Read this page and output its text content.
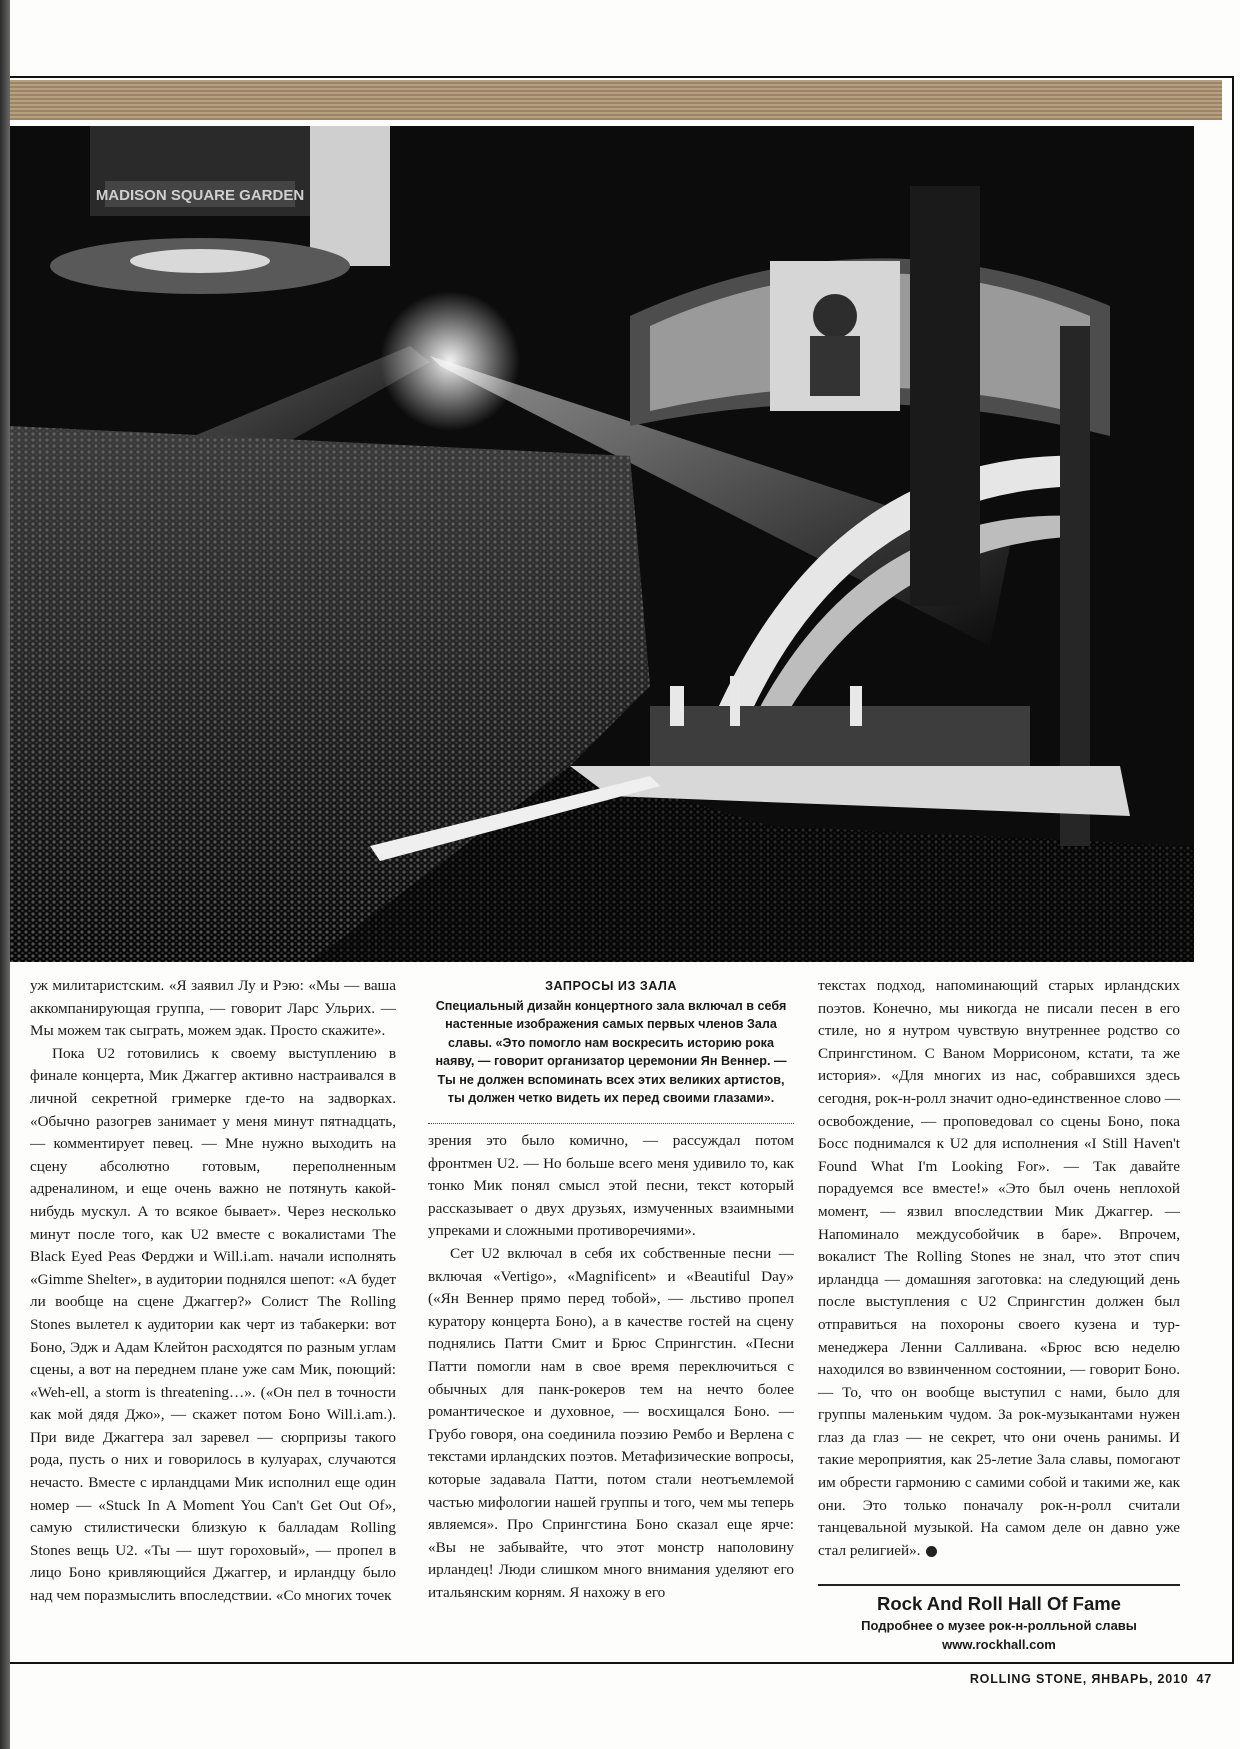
MADISON SQUARE GARDEN

уж милитаристским. «Я заявил Лу и Рэю: «Мы — ваша аккомпанирующая группа, — говорит Ларс Ульрих. — Мы можем так сыграть, можем эдак. Просто скажите».

Пока U2 готовились к своему выступлению в финале концерта, Мик Джаггер активно настраивался в личной секретной гримерке где-то на задворках. «Обычно разогрев занимает у меня минут пятнадцать, — комментирует певец. — Мне нужно выходить на сцену абсолютно готовым, переполненным адреналином, и еще очень важно не потянуть какой-нибудь мускул. А то всякое бывает». Через несколько минут после того, как U2 вместе с вокалистами The Black Eyed Peas Ферджи и Will.i.am. начали исполнять «Gimme Shelter», в аудитории поднялся шепот: «А будет ли вообще на сцене Джаггер?» Солист The Rolling Stones вылетел к аудитории как черт из табакерки: вот Боно, Эдж и Адам Клейтон расходятся по разным углам сцены, а вот на переднем плане уже сам Мик, поющий: «Weh-ell, a storm is threatening…». («Он пел в точности как мой дядя Джо», — скажет потом Боно Will.i.am.). При виде Джаггера зал заревел — сюрпризы такого рода, пусть о них и говорилось в кулуарах, случаются нечасто. Вместе с ирландцами Мик исполнил еще один номер — «Stuck In A Moment You Can't Get Out Of», самую стилистически близкую к балладам Rolling Stones вещь U2. «Ты — шут гороховый», — пропел в лицо Боно кривляющийся Джаггер, и ирландцу было над чем поразмыслить впоследствии. «Со многих точек

ЗАПРОСЫ ИЗ ЗАЛА
Специальный дизайн концертного зала включал в себя настенные изображения самых первых членов Зала славы. «Это помогло нам воскресить историю рока наяву, — говорит организатор церемонии Ян Веннер. — Ты не должен вспоминать всех этих великих артистов, ты должен четко видеть их перед своими глазами».

зрения это было комично, — рассуждал потом фронтмен U2. — Но больше всего меня удивило то, как тонко Мик понял смысл этой песни, текст который рассказывает о двух друзьях, измученных взаимными упреками и сложными противоречиями».

Сет U2 включал в себя их собственные песни — включая «Vertigo», «Magnificent» и «Beautiful Day» («Ян Веннер прямо перед тобой», — льстиво пропел куратору концерта Боно), а в качестве гостей на сцену поднялись Патти Смит и Брюс Спрингстин. «Песни Патти помогли нам в свое время переключиться с обычных для панк-рокеров тем на нечто более романтическое и духовное, — восхищался Боно. — Грубо говоря, она соединила поэзию Рембо и Верлена с текстами ирландских поэтов. Метафизические вопросы, которые задавала Патти, потом стали неотъемлемой частью мифологии нашей группы и того, чем мы теперь являемся». Про Спрингстина Боно сказал еще ярче: «Вы не забывайте, что этот монстр наполовину ирландец! Люди слишком много внимания уделяют его итальянским корням. Я нахожу в его

текстах подход, напоминающий старых ирландских поэтов. Конечно, мы никогда не писали песен в его стиле, но я нутром чувствую внутреннее родство со Спрингстином. С Ваном Моррисоном, кстати, та же история». «Для многих из нас, собравшихся здесь сегодня, рок-н-ролл значит одно-единственное слово — освобождение, — проповедовал со сцены Боно, пока Босс поднимался к U2 для исполнения «I Still Haven't Found What I'm Looking For». — Так давайте порадуемся все вместе!» «Это был очень неплохой момент, — язвил впоследствии Мик Джаггер. — Напоминало междусобойчик в баре». Впрочем, вокалист The Rolling Stones не знал, что этот спич ирландца — домашняя заготовка: на следующий день после выступления с U2 Спрингстин должен был отправиться на похороны своего кузена и тур-менеджера Ленни Салливана. «Брюс всю неделю находился во взвинченном состоянии, — говорит Боно. — То, что он вообще выступил с нами, было для группы маленьким чудом. За рок-музыкантами нужен глаз да глаз — не секрет, что они очень ранимы. И такие мероприятия, как 25-летие Зала славы, помогают им обрести гармонию с самими собой и такими же, как они. Это только поначалу рок-н-ролл считали танцевальной музыкой. На самом деле он давно уже стал религией».

Rock And Roll Hall Of Fame
Подробнее о музее рок-н-ролльной славы
www.rockhall.com
ROLLING STONE, ЯНВАРЬ, 2010 47
